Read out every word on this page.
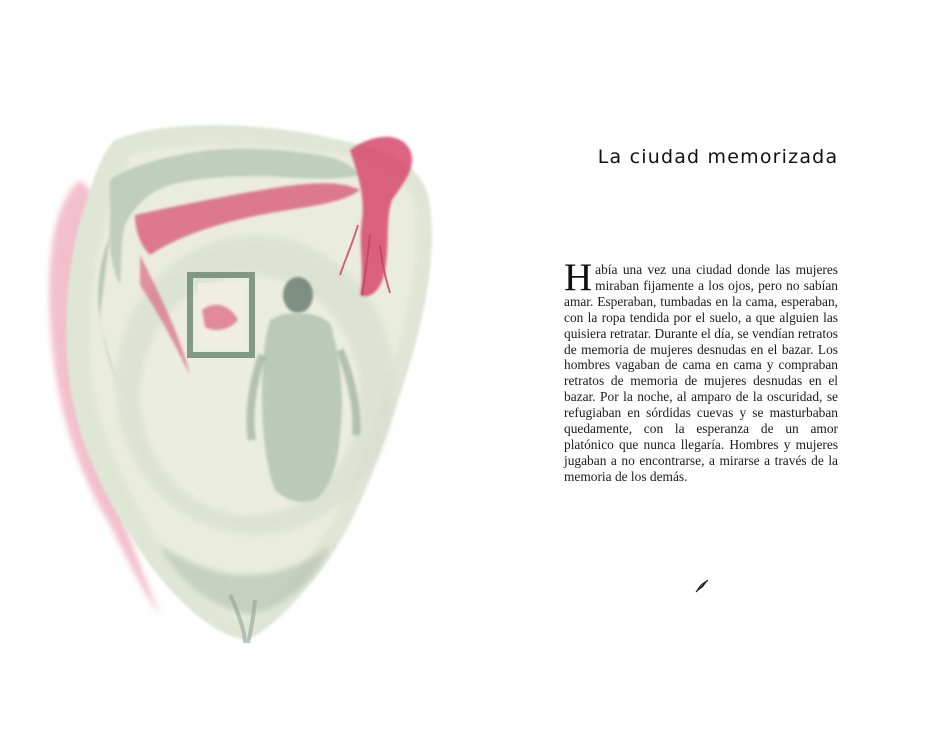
La ciudad memorizada

Había una vez una ciudad donde las mujeres miraban fijamente a los ojos, pero no sabían amar. Esperaban, tumbadas en la cama, esperaban, con la ropa tendida por el suelo, a que alguien las quisiera retratar. Durante el día, se vendían retratos de memoria de mujeres desnudas en el bazar. Los hombres vagaban de cama en cama y compraban retratos de memoria de mujeres desnudas en el bazar. Por la noche, al amparo de la oscuridad, se refugiaban en sórdidas cuevas y se masturbaban quedamente, con la esperanza de un amor platónico que nunca llegaría. Hombres y mujeres jugaban a no encontrarse, a mirarse a través de la memoria de los demás.
